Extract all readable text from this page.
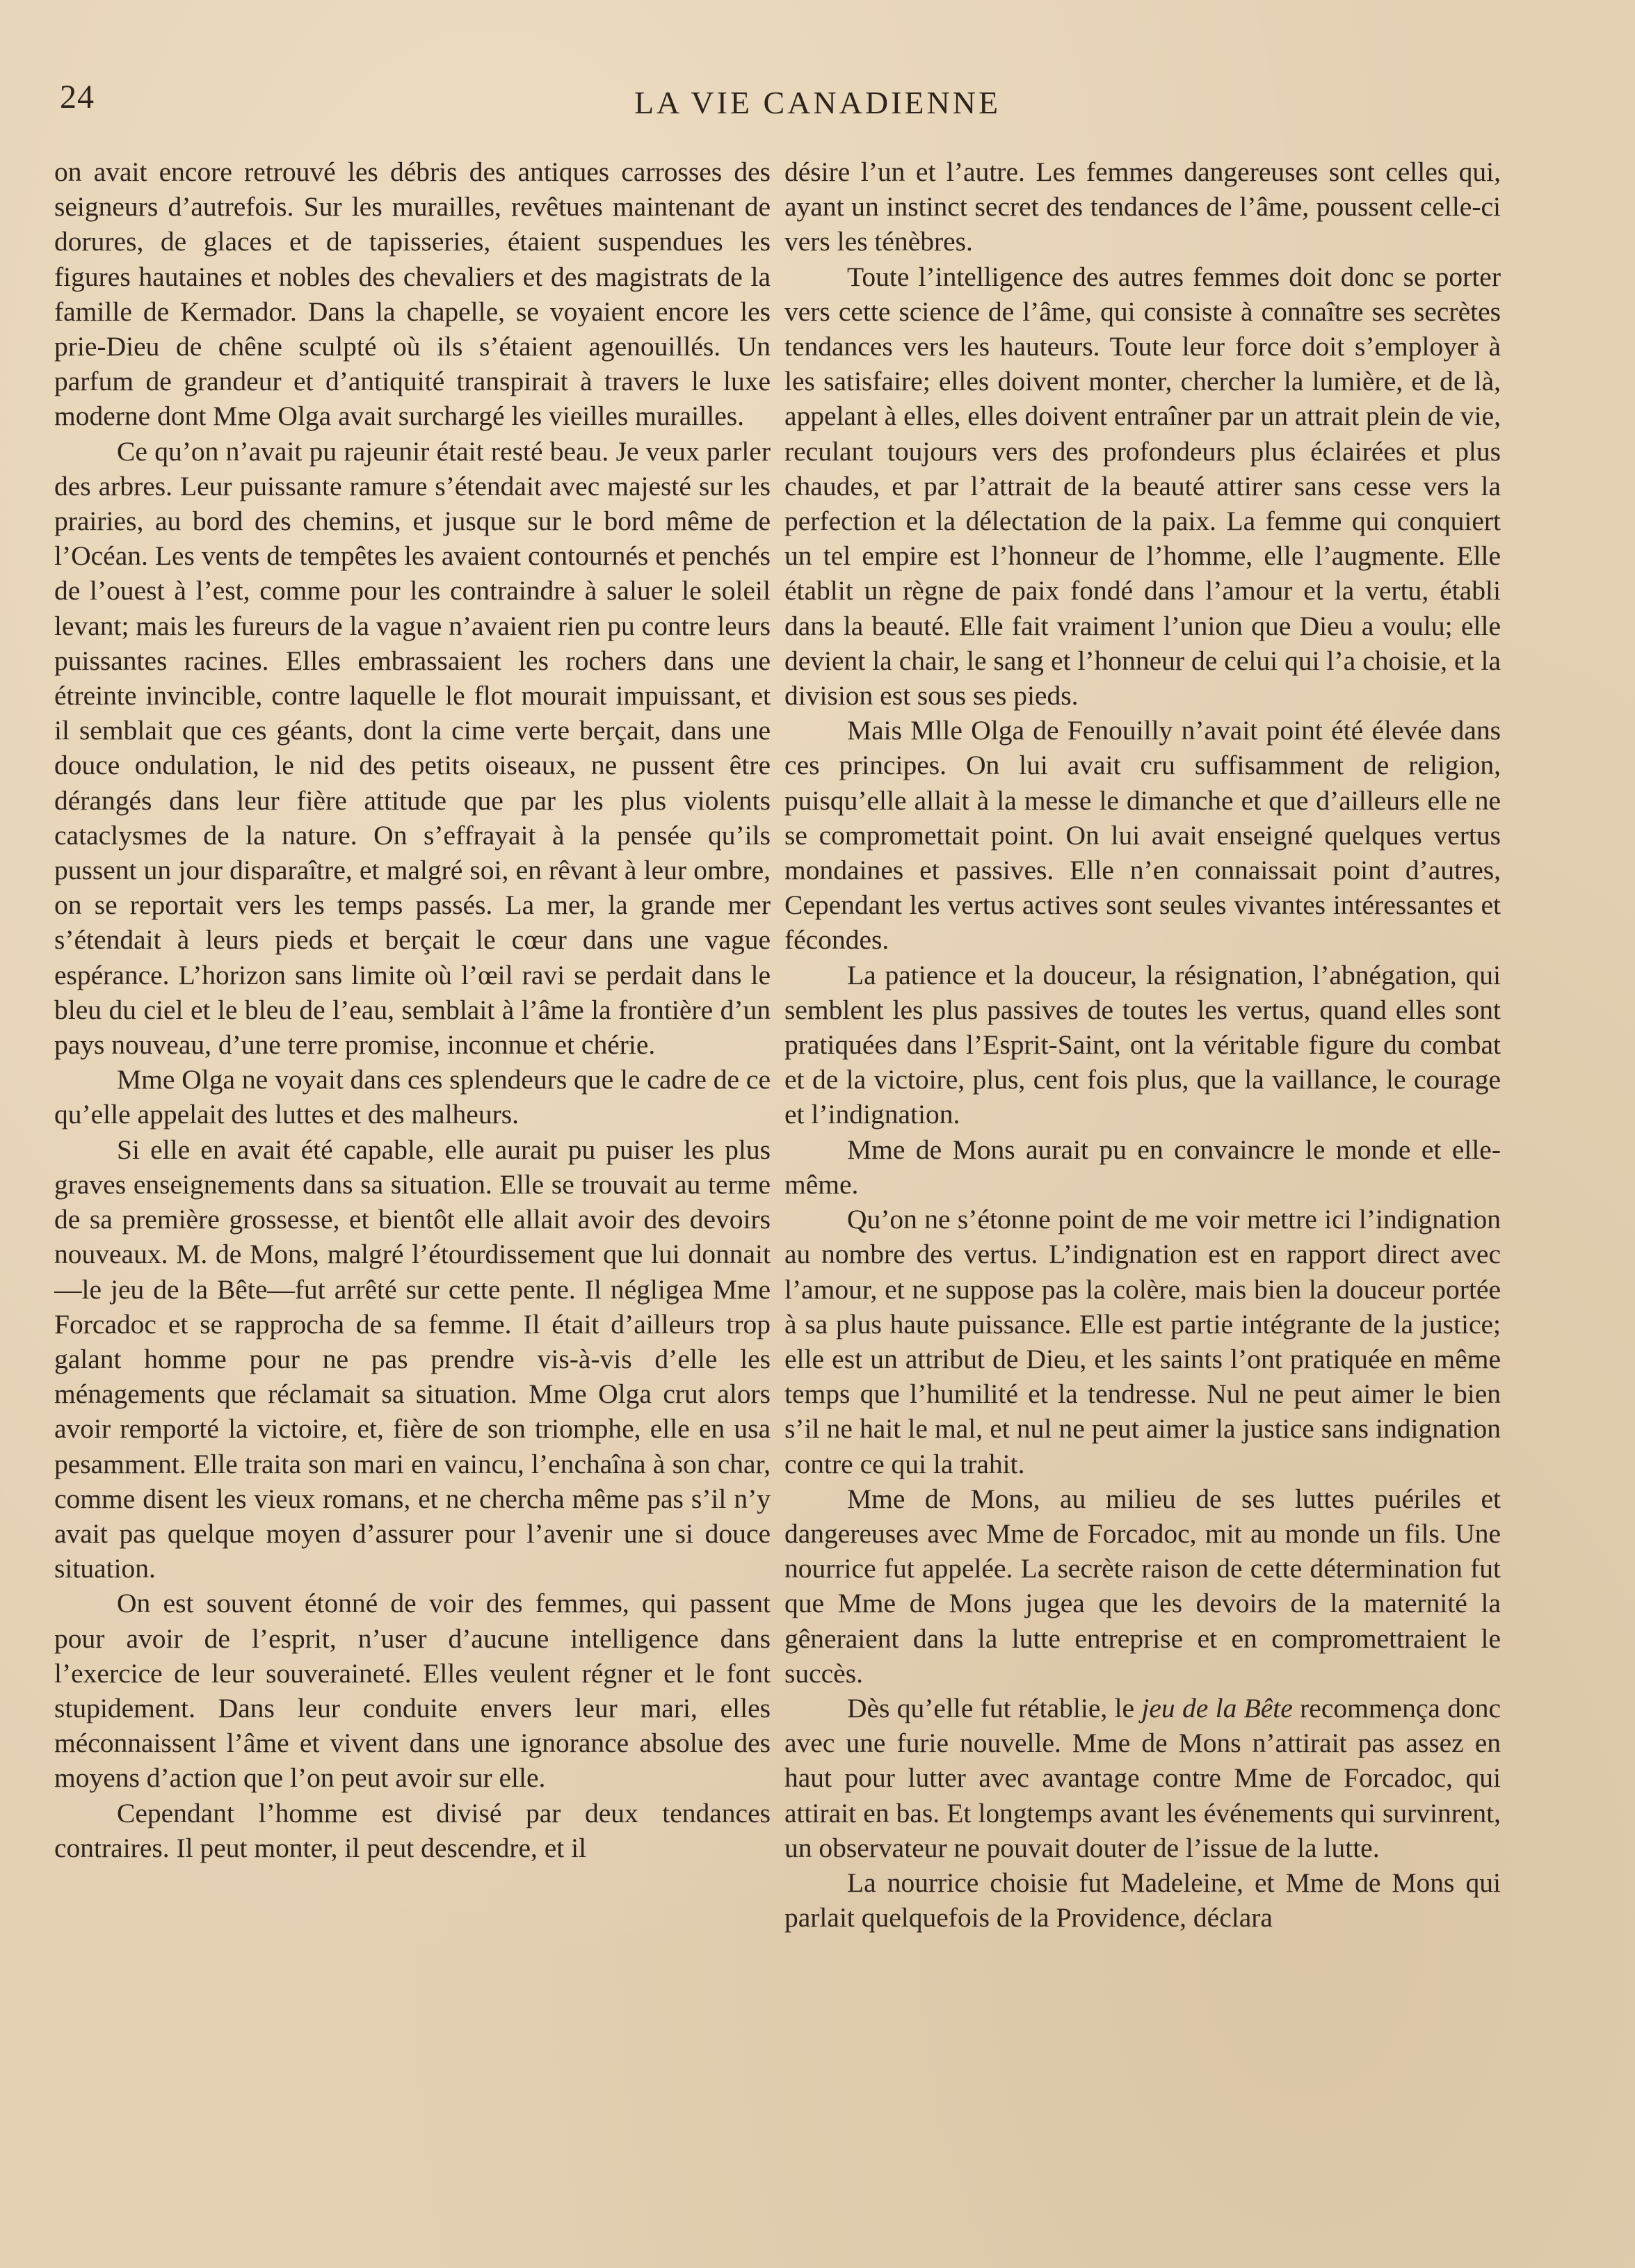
24	LA VIE CANADIENNE

on avait encore retrouvé les débris des antiques carrosses des seigneurs d’autrefois. Sur les murailles, revêtues maintenant de dorures, de glaces et de tapisseries, étaient suspendues les figures hautaines et nobles des chevaliers et des magistrats de la famille de Kermador. Dans la chapelle, se voyaient encore les prie-Dieu de chêne sculpté où ils s’étaient agenouillés. Un parfum de grandeur et d’antiquité transpirait à travers le luxe moderne dont Mme Olga avait surchargé les vieilles murailles.

Ce qu’on n’avait pu rajeunir était resté beau. Je veux parler des arbres. Leur puissante ramure s’étendait avec majesté sur les prairies, au bord des chemins, et jusque sur le bord même de l’Océan. Les vents de tempêtes les avaient contournés et penchés de l’ouest à l’est, comme pour les contraindre à saluer le soleil levant; mais les fureurs de la vague n’avaient rien pu contre leurs puissantes racines. Elles embrassaient les rochers dans une étreinte invincible, contre laquelle le flot mourait impuissant, et il semblait que ces géants, dont la cime verte berçait, dans une douce ondulation, le nid des petits oiseaux, ne pussent être dérangés dans leur fière attitude que par les plus violents cataclysmes de la nature. On s’effrayait à la pensée qu’ils pussent un jour disparaître, et malgré soi, en rêvant à leur ombre, on se reportait vers les temps passés. La mer, la grande mer s’étendait à leurs pieds et berçait le cœur dans une vague espérance. L’horizon sans limite où l’œil ravi se perdait dans le bleu du ciel et le bleu de l’eau, semblait à l’âme la frontière d’un pays nouveau, d’une terre promise, inconnue et chérie.

Mme Olga ne voyait dans ces splendeurs que le cadre de ce qu’elle appelait des luttes et des malheurs.

Si elle en avait été capable, elle aurait pu puiser les plus graves enseignements dans sa situation. Elle se trouvait au terme de sa première grossesse, et bientôt elle allait avoir des devoirs nouveaux. M. de Mons, malgré l’étourdissement que lui donnait—le jeu de la Bête—fut arrêté sur cette pente. Il négligea Mme Forcadoc et se rapprocha de sa femme. Il était d’ailleurs trop galant homme pour ne pas prendre vis-à-vis d’elle les ménagements que réclamait sa situation. Mme Olga crut alors avoir remporté la victoire, et, fière de son triomphe, elle en usa pesamment. Elle traita son mari en vaincu, l’enchaîna à son char, comme disent les vieux romans, et ne chercha même pas s’il n’y avait pas quelque moyen d’assurer pour l’avenir une si douce situation.

On est souvent étonné de voir des femmes, qui passent pour avoir de l’esprit, n’user d’aucune intelligence dans l’exercice de leur souveraineté. Elles veulent régner et le font stupidement. Dans leur conduite envers leur mari, elles méconnaissent l’âme et vivent dans une ignorance absolue des moyens d’action que l’on peut avoir sur elle.

Cependant l’homme est divisé par deux tendances contraires. Il peut monter, il peut descendre, et il

désire l’un et l’autre. Les femmes dangereuses sont celles qui, ayant un instinct secret des tendances de l’âme, poussent celle-ci vers les ténèbres.

Toute l’intelligence des autres femmes doit donc se porter vers cette science de l’âme, qui consiste à connaître ses secrètes tendances vers les hauteurs. Toute leur force doit s’employer à les satisfaire; elles doivent monter, chercher la lumière, et de là, appelant à elles, elles doivent entraîner par un attrait plein de vie, reculant toujours vers des profondeurs plus éclairées et plus chaudes, et par l’attrait de la beauté attirer sans cesse vers la perfection et la délectation de la paix. La femme qui conquiert un tel empire est l’honneur de l’homme, elle l’augmente. Elle établit un règne de paix fondé dans l’amour et la vertu, établi dans la beauté. Elle fait vraiment l’union que Dieu a voulu; elle devient la chair, le sang et l’honneur de celui qui l’a choisie, et la division est sous ses pieds.

Mais Mlle Olga de Fenouilly n’avait point été élevée dans ces principes. On lui avait cru suffisamment de religion, puisqu’elle allait à la messe le dimanche et que d’ailleurs elle ne se compromettait point. On lui avait enseigné quelques vertus mondaines et passives. Elle n’en connaissait point d’autres, Cependant les vertus actives sont seules vivantes intéressantes et fécondes.

La patience et la douceur, la résignation, l’abnégation, qui semblent les plus passives de toutes les vertus, quand elles sont pratiquées dans l’Esprit-Saint, ont la véritable figure du combat et de la victoire, plus, cent fois plus, que la vaillance, le courage et l’indignation.

Mme de Mons aurait pu en convaincre le monde et elle-même.

Qu’on ne s’étonne point de me voir mettre ici l’indignation au nombre des vertus. L’indignation est en rapport direct avec l’amour, et ne suppose pas la colère, mais bien la douceur portée à sa plus haute puissance. Elle est partie intégrante de la justice; elle est un attribut de Dieu, et les saints l’ont pratiquée en même temps que l’humilité et la tendresse. Nul ne peut aimer le bien s’il ne hait le mal, et nul ne peut aimer la justice sans indignation contre ce qui la trahit.

Mme de Mons, au milieu de ses luttes puériles et dangereuses avec Mme de Forcadoc, mit au monde un fils. Une nourrice fut appelée. La secrète raison de cette détermination fut que Mme de Mons jugea que les devoirs de la maternité la gêneraient dans la lutte entreprise et en compromettraient le succès.

Dès qu’elle fut rétablie, le jeu de la Bête recommença donc avec une furie nouvelle. Mme de Mons n’attirait pas assez en haut pour lutter avec avantage contre Mme de Forcadoc, qui attirait en bas. Et longtemps avant les événements qui survinrent, un observateur ne pouvait douter de l’issue de la lutte.

La nourrice choisie fut Madeleine, et Mme de Mons qui parlait quelquefois de la Providence, déclara
